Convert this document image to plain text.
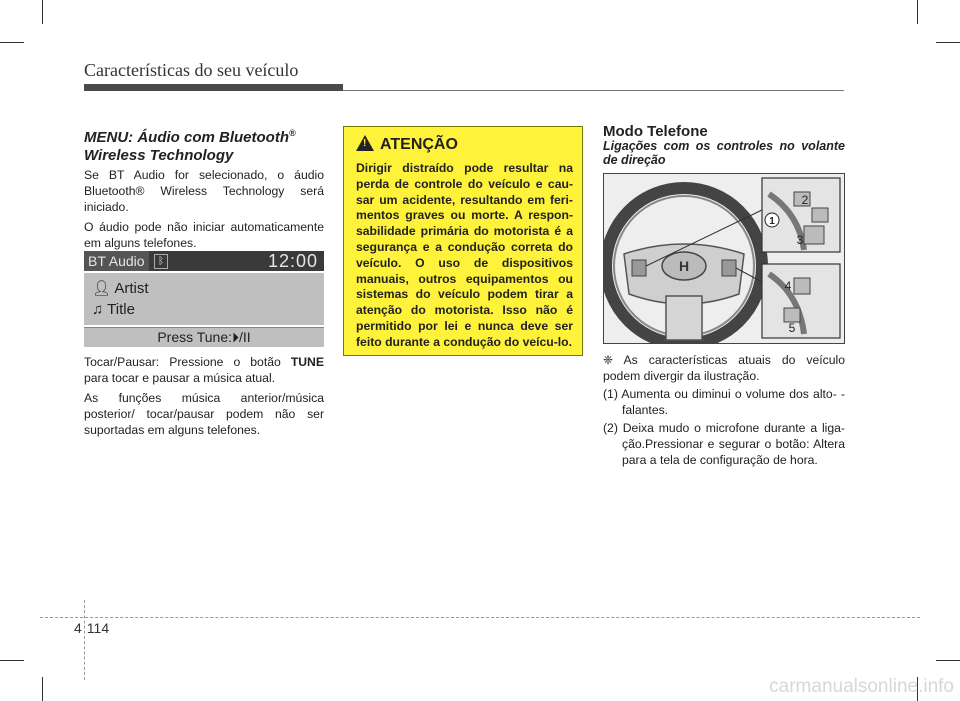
Características do seu veículo
MENU: Áudio com Bluetooth®
Wireless Technology

Se BT Audio for selecionado, o áudio Bluetooth® Wireless Technology será iniciado.

O áudio pode não iniciar automaticamente em alguns telefones.

BT Audio	ᛒ	12:00
👤︎ Artist
♫ Title
Press Tune:⏵/II

Tocar/Pausar: Pressione o botão TUNE para tocar e pausar a música atual.

As funções música anterior/música posterior/ tocar/pausar podem não ser suportadas em alguns telefones.

! ATENÇÃO
Dirigir distraído pode resultar na perda de controle do veículo e cau-sar um acidente, resultando em feri-mentos graves ou morte. A respon-sabilidade primária do motorista é a segurança e a condução correta do veículo. O uso de dispositivos manuais, outros equipamentos ou sistemas do veículo podem tirar a atenção do motorista. Isso não é permitido por lei e nunca deve ser feito durante a condução do veícu-lo.
Modo Telefone
Ligações com os controles no volante de direção
H
1
2
3
4
5

❈ As características atuais do veículo podem divergir da ilustração.

(1) Aumenta ou diminui o volume dos alto- -falantes.

(2) Deixa mudo o microfone durante a liga- ção.Pressionar e segurar o botão: Altera para a tela de configuração de hora.

4 114
carmanualsonline.info
